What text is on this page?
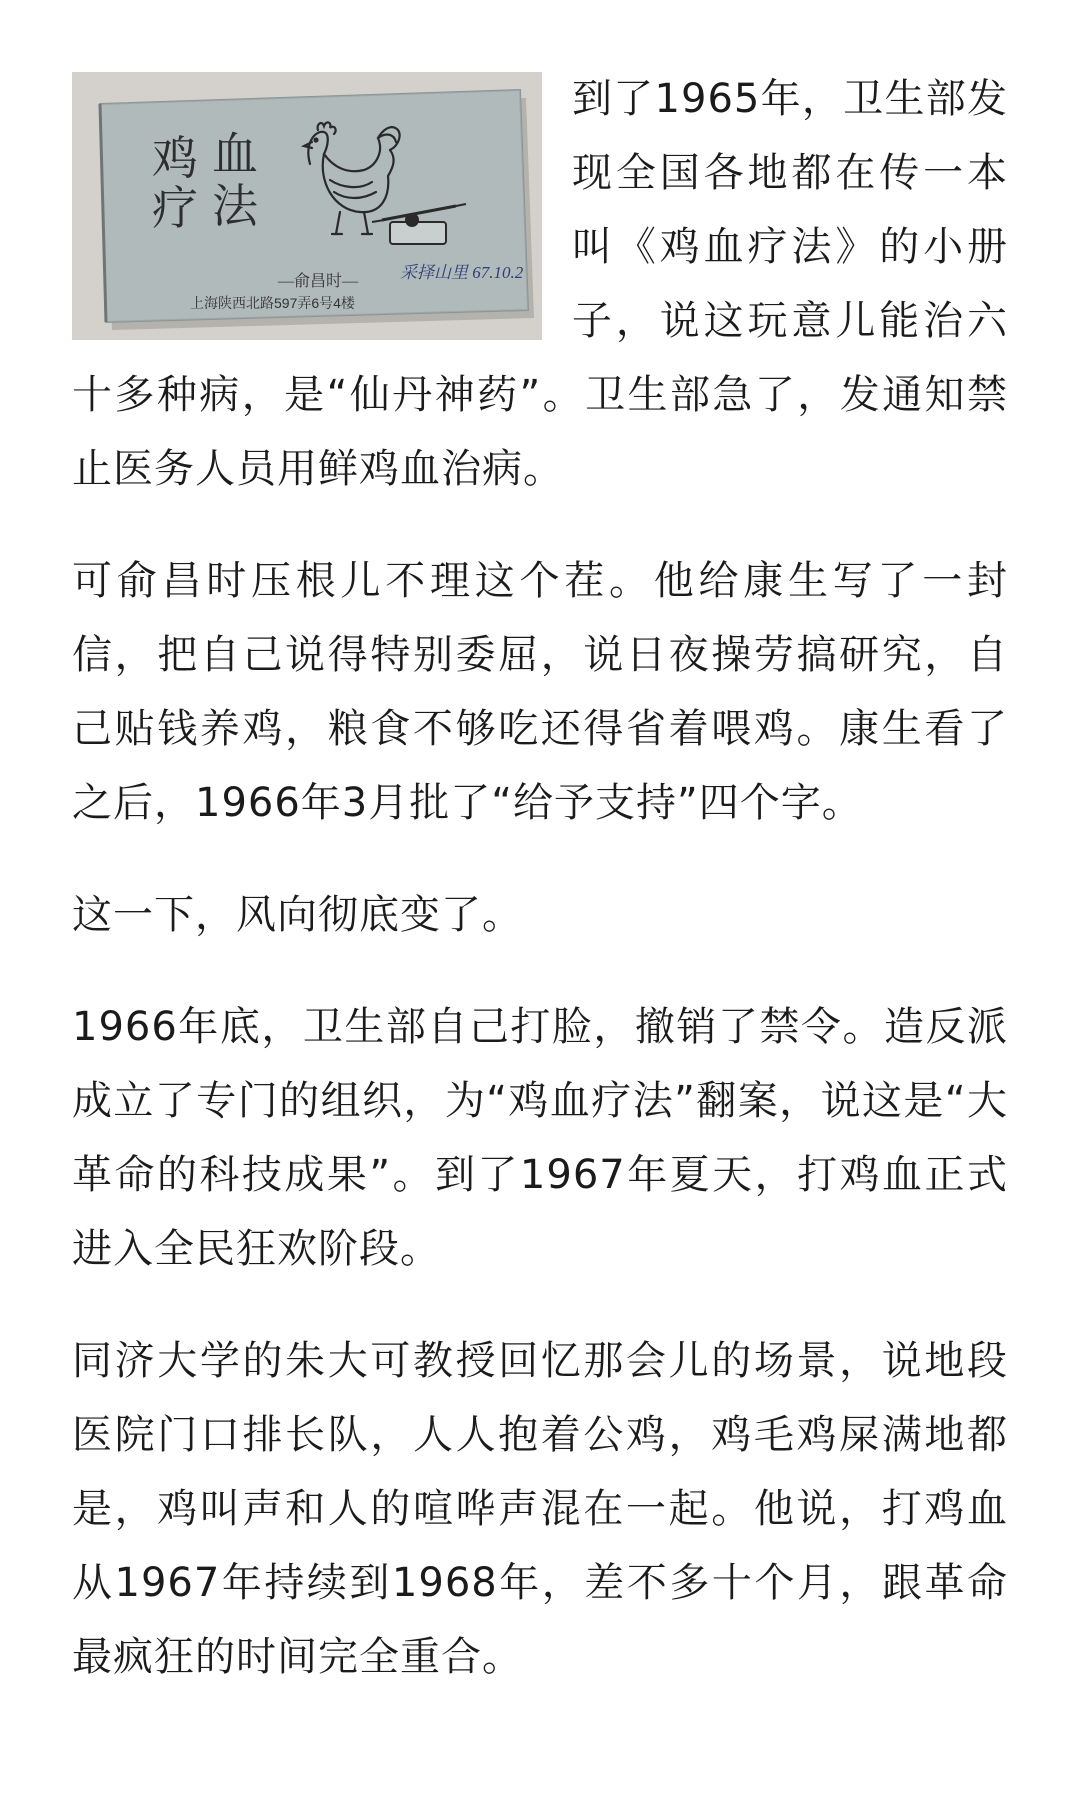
鸡 血
疗 法
—俞昌时— 采择山里 67.10.2
上海陕西北路597弄6号4楼

到了1965年，卫生部发现全国各地都在传一本叫《鸡血疗法》的小册子，说这玩意儿能治六十多种病，是“仙丹神药”。卫生部急了，发通知禁止医务人员用鲜鸡血治病。

可俞昌时压根儿不理这个茬。他给康生写了一封信，把自己说得特别委屈，说日夜操劳搞研究，自己贴钱养鸡，粮食不够吃还得省着喂鸡。康生看了之后，1966年3月批了“给予支持”四个字。

这一下，风向彻底变了。

1966年底，卫生部自己打脸，撤销了禁令。造反派成立了专门的组织，为“鸡血疗法”翻案，说这是“大革命的科技成果”。到了1967年夏天，打鸡血正式进入全民狂欢阶段。

同济大学的朱大可教授回忆那会儿的场景，说地段医院门口排长队，人人抱着公鸡，鸡毛鸡屎满地都是，鸡叫声和人的喧哗声混在一起。他说，打鸡血从1967年持续到1968年，差不多十个月，跟革命最疯狂的时间完全重合。
